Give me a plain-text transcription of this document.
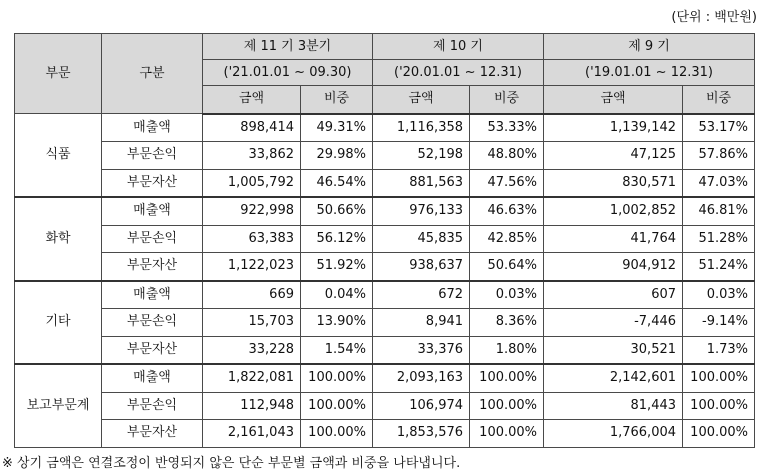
(단위 : 백만원)
부문	구분	제 11 기 3분기		제 10 기		제 9 기	
		('21.01.01 ~ 09.30)		('20.01.01 ~ 12.31)		('19.01.01 ~ 12.31)	
		금액	비중	금액	비중	금액	비중
식품	매출액	898,414	49.31%	1,116,358	53.33%	1,139,142	53.17%
	부문손익	33,862	29.98%	52,198	48.80%	47,125	57.86%
	부문자산	1,005,792	46.54%	881,563	47.56%	830,571	47.03%
화학	매출액	922,998	50.66%	976,133	46.63%	1,002,852	46.81%
	부문손익	63,383	56.12%	45,835	42.85%	41,764	51.28%
	부문자산	1,122,023	51.92%	938,637	50.64%	904,912	51.24%
기타	매출액	669	0.04%	672	0.03%	607	0.03%
	부문손익	15,703	13.90%	8,941	8.36%	-7,446	-9.14%
	부문자산	33,228	1.54%	33,376	1.80%	30,521	1.73%
보고부문계	매출액	1,822,081	100.00%	2,093,163	100.00%	2,142,601	100.00%
	부문손익	112,948	100.00%	106,974	100.00%	81,443	100.00%
	부문자산	2,161,043	100.00%	1,853,576	100.00%	1,766,004	100.00%
※ 상기 금액은 연결조정이 반영되지 않은 단순 부문별 금액과 비중을 나타냅니다.
